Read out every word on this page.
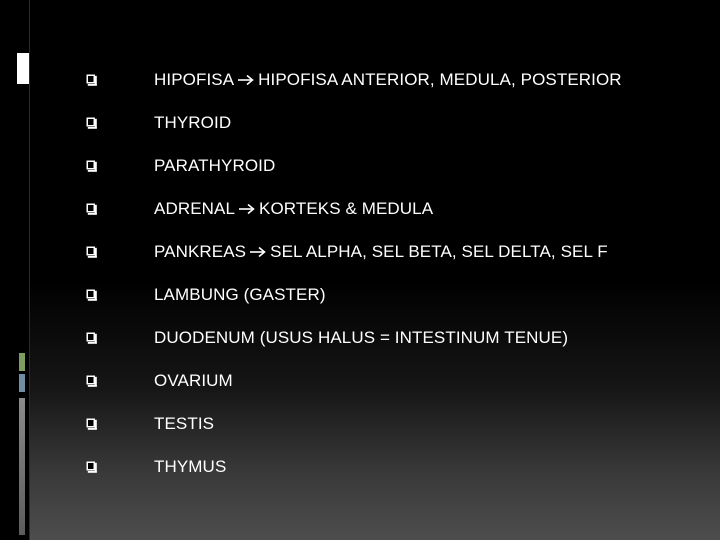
HIPOFISA HIPOFISA ANTERIOR, MEDULA, POSTERIOR
THYROID
PARATHYROID
ADRENAL KORTEKS & MEDULA
PANKREAS SEL ALPHA, SEL BETA, SEL DELTA, SEL F
LAMBUNG (GASTER)
DUODENUM (USUS HALUS = INTESTINUM TENUE)
OVARIUM
TESTIS
THYMUS
